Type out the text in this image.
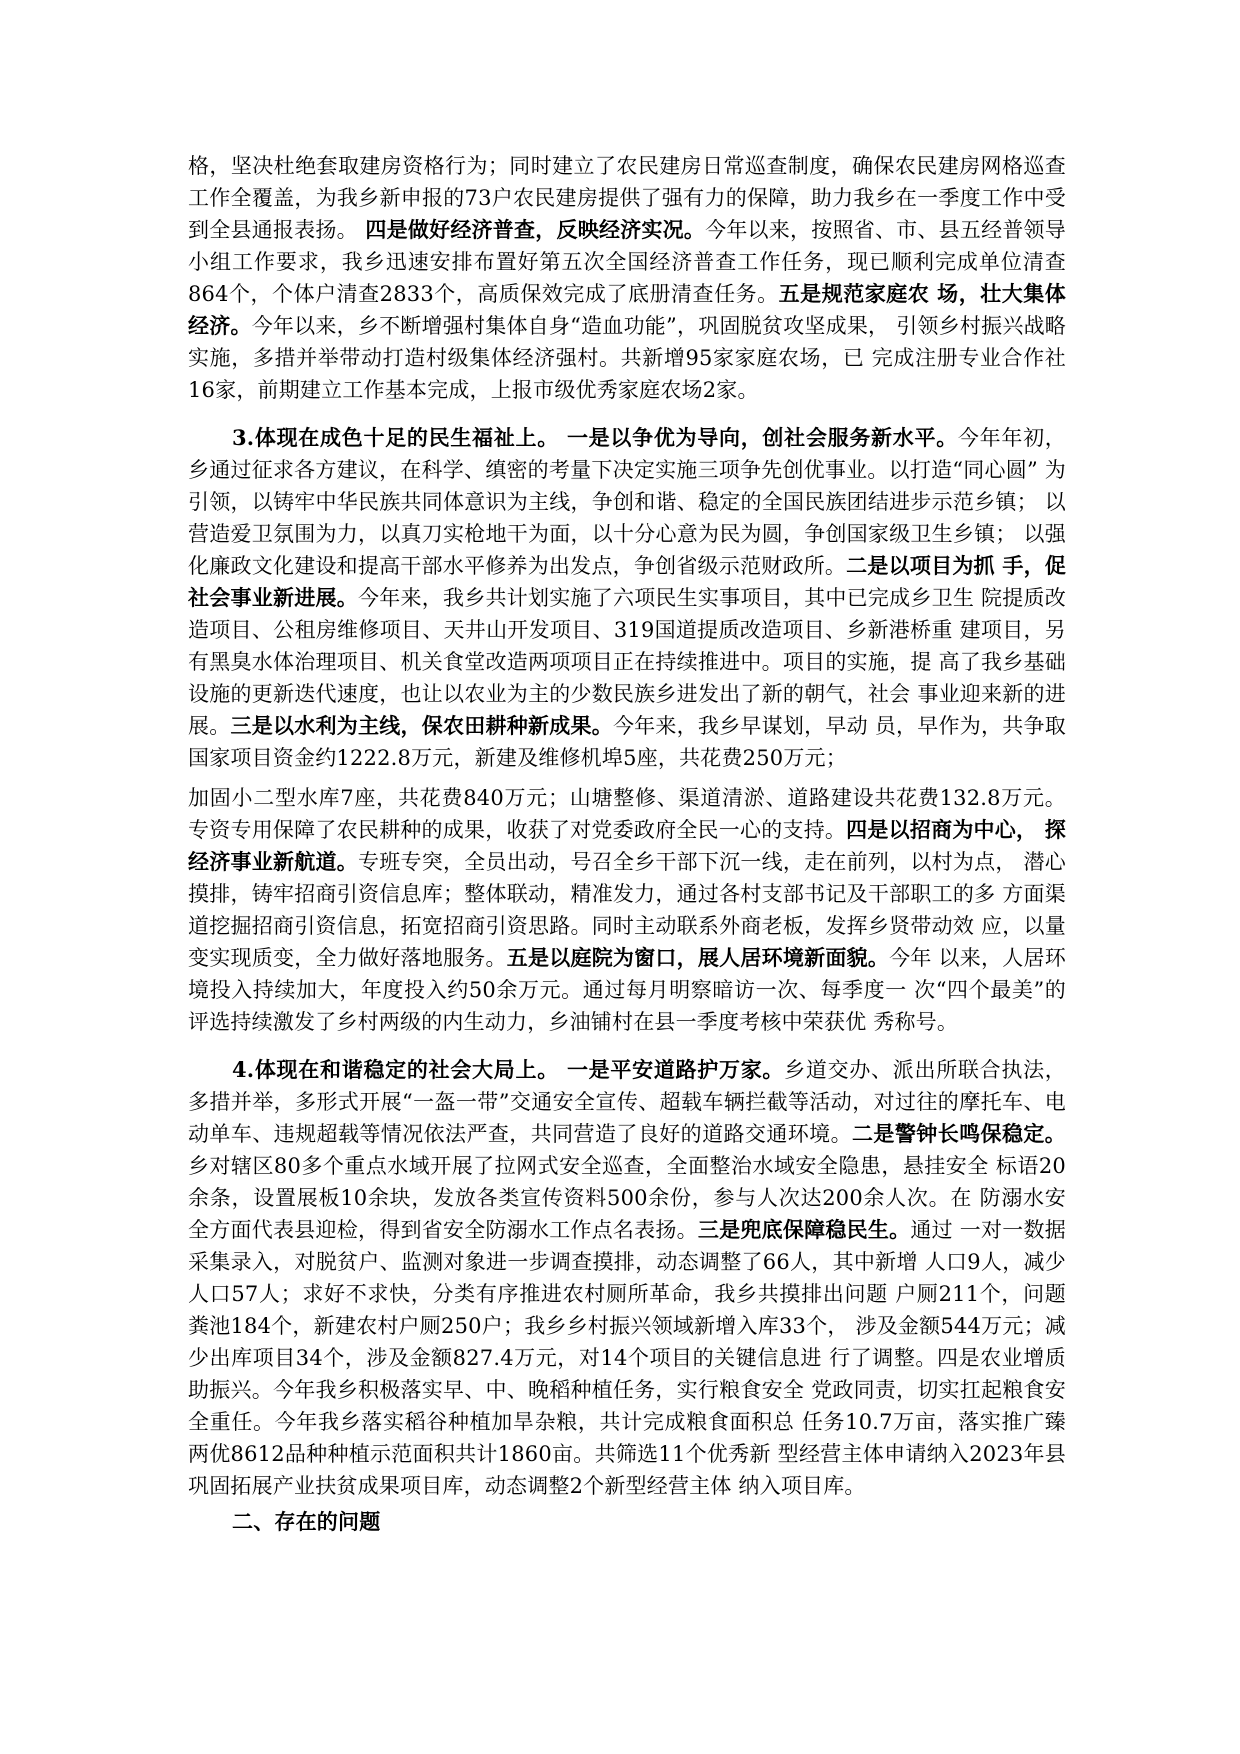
格，坚决杜绝套取建房资格行为；同时建立了农民建房日常巡查制度，确保农民建房网格巡查工作全覆盖，为我乡新申报的73户农民建房提供了强有力的保障，助力我乡在一季度工作中受到全县通报表扬。 四是做好经济普查，反映经济实况。今年以来，按照省、市、县五经普领导小组工作要求，我乡迅速安排布置好第五次全国经济普查工作任务，现已顺利完成单位清查864个，个体户清查2833个，高质保效完成了底册清查任务。五是规范家庭农 场，壮大集体经济。今年以来，乡不断增强村集体自身“造血功能”，巩固脱贫攻坚成果， 引领乡村振兴战略实施，多措并举带动打造村级集体经济强村。共新增95家家庭农场，已 完成注册专业合作社16家，前期建立工作基本完成，上报市级优秀家庭农场2家。

3.体现在成色十足的民生福祉上。 一是以争优为导向，创社会服务新水平。今年年初，乡通过征求各方建议，在科学、缜密的考量下决定实施三项争先创优事业。以打造“同心圆” 为引领，以铸牢中华民族共同体意识为主线，争创和谐、稳定的全国民族团结进步示范乡镇； 以营造爱卫氛围为力，以真刀实枪地干为面，以十分心意为民为圆，争创国家级卫生乡镇； 以强化廉政文化建设和提高干部水平修养为出发点，争创省级示范财政所。二是以项目为抓 手，促社会事业新进展。今年来，我乡共计划实施了六项民生实事项目，其中已完成乡卫生 院提质改造项目、公租房维修项目、天井山开发项目、319国道提质改造项目、乡新港桥重 建项目，另有黑臭水体治理项目、机关食堂改造两项项目正在持续推进中。项目的实施，提 高了我乡基础设施的更新迭代速度，也让以农业为主的少数民族乡进发出了新的朝气，社会 事业迎来新的进展。三是以水利为主线，保农田耕种新成果。今年来，我乡早谋划，早动 员，早作为，共争取国家项目资金约1222.8万元，新建及维修机埠5座，共花费250万元；

加固小二型水库7座，共花费840万元；山塘整修、渠道清淤、道路建设共花费132.8万元。 专资专用保障了农民耕种的成果，收获了对党委政府全民一心的支持。四是以招商为中心， 探经济事业新航道。专班专突，全员出动，号召全乡干部下沉一线，走在前列，以村为点， 潜心摸排，铸牢招商引资信息库；整体联动，精准发力，通过各村支部书记及干部职工的多 方面渠道挖掘招商引资信息，拓宽招商引资思路。同时主动联系外商老板，发挥乡贤带动效 应，以量变实现质变，全力做好落地服务。五是以庭院为窗口，展人居环境新面貌。今年 以来，人居环境投入持续加大，年度投入约50余万元。通过每月明察暗访一次、每季度一 次“四个最美”的评选持续激发了乡村两级的内生动力，乡油铺村在县一季度考核中荣获优 秀称号。

4.体现在和谐稳定的社会大局上。 一是平安道路护万家。乡道交办、派出所联合执法，多措并举，多形式开展“一盔一带”交通安全宣传、超载车辆拦截等活动，对过往的摩托车、电动单车、违规超载等情况依法严查，共同营造了良好的道路交通环境。二是警钟长鸣保稳定。乡对辖区80多个重点水域开展了拉网式安全巡查，全面整治水域安全隐患，悬挂安全 标语20余条，设置展板10余块，发放各类宣传资料500余份，参与人次达200余人次。在 防溺水安全方面代表县迎检，得到省安全防溺水工作点名表扬。三是兜底保障稳民生。通过 一对一数据采集录入，对脱贫户、监测对象进一步调查摸排，动态调整了66人，其中新增 人口9人，减少人口57人；求好不求快，分类有序推进农村厕所革命，我乡共摸排出问题 户厕211个，问题粪池184个，新建农村户厕250户；我乡乡村振兴领域新增入库33个， 涉及金额544万元；减少出库项目34个，涉及金额827.4万元，对14个项目的关键信息进 行了调整。四是农业增质助振兴。今年我乡积极落实早、中、晚稻种植任务，实行粮食安全 党政同责，切实扛起粮食安全重任。今年我乡落实稻谷种植加旱杂粮，共计完成粮食面积总 任务10.7万亩，落实推广臻两优8612品种种植示范面积共计1860亩。共筛选11个优秀新 型经营主体申请纳入2023年县巩固拓展产业扶贫成果项目库，动态调整2个新型经营主体 纳入项目库。

二、存在的问题
